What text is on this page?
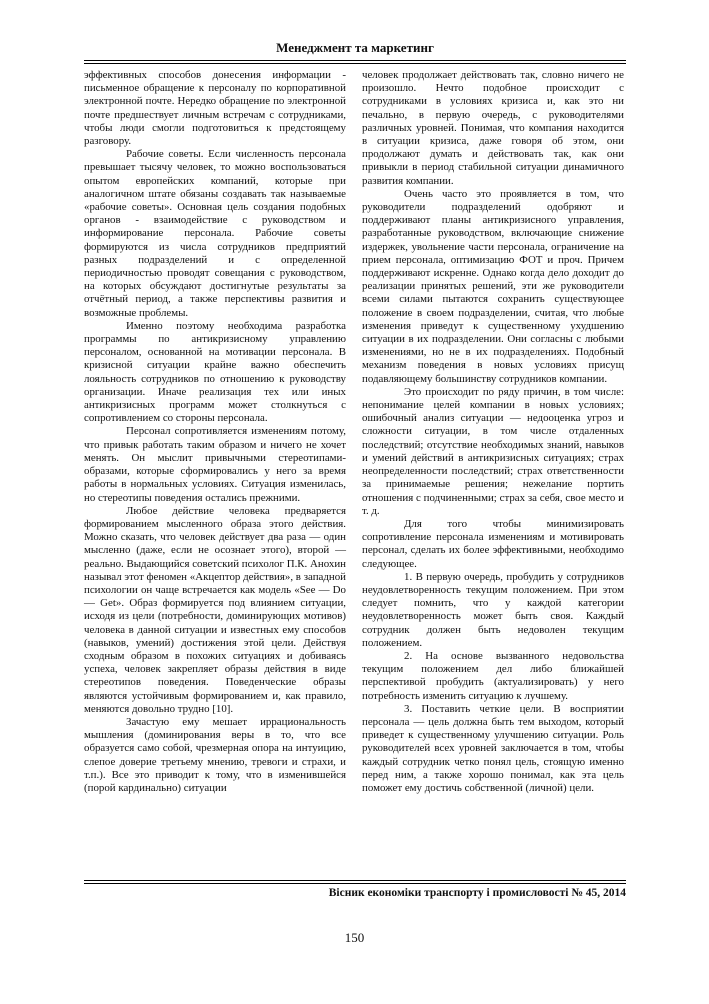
Менеджмент та маркетинг

эффективных способов донесения информации - письменное обращение к персоналу по корпоративной электронной почте. Нередко обращение по электронной почте предшествует личным встречам с сотрудниками, чтобы люди смогли подготовиться к предстоящему разговору.

Рабочие советы. Если численность персонала превышает тысячу человек, то можно воспользоваться опытом европейских компаний, которые при аналогичном штате обязаны создавать так называемые «рабочие советы». Основная цель создания подобных органов - взаимодействие с руководством и информирование персонала. Рабочие советы формируются из числа сотрудников предприятий разных подразделений и с определенной периодичностью проводят совещания с руководством, на которых обсуждают достигнутые результаты за отчётный период, а также перспективы развития и возможные проблемы.

Именно поэтому необходима разработка программы по антикризисному управлению персоналом, основанной на мотивации персонала. В кризисной ситуации крайне важно обеспечить лояльность сотрудников по отношению к руководству организации. Иначе реализация тех или иных антикризисных программ может столкнуться с сопротивлением со стороны персонала.

Персонал сопротивляется изменениям потому, что привык работать таким образом и ничего не хочет менять. Он мыслит привычными стереотипами-образами, которые сформировались у него за время работы в нормальных условиях. Ситуация изменилась, но стереотипы поведения остались прежними.

Любое действие человека предваряется формированием мысленного образа этого действия. Можно сказать, что человек действует два раза — один мысленно (даже, если не осознает этого), второй — реально. Выдающийся советский психолог П.К. Анохин называл этот феномен «Акцептор действия», в западной психологии он чаще встречается как модель «See — Do — Get». Образ формируется под влиянием ситуации, исходя из цели (потребности, доминирующих мотивов) человека в данной ситуации и известных ему способов (навыков, умений) достижения этой цели. Действуя сходным образом в похожих ситуациях и добиваясь успеха, человек закрепляет образы действия в виде стереотипов поведения. Поведенческие образы являются устойчивым формированием и, как правило, меняются довольно трудно [10].

Зачастую ему мешает иррациональность мышления (доминирования веры в то, что все образуется само собой, чрезмерная опора на интуицию, слепое доверие третьему мнению, тревоги и страхи, и т.п.). Все это приводит к тому, что в изменившейся (порой кардинально) ситуации

человек продолжает действовать так, словно ничего не произошло. Нечто подобное происходит с сотрудниками в условиях кризиса и, как это ни печально, в первую очередь, с руководителями различных уровней. Понимая, что компания находится в ситуации кризиса, даже говоря об этом, они продолжают думать и действовать так, как они привыкли в период стабильной ситуации динамичного развития компании.

Очень часто это проявляется в том, что руководители подразделений одобряют и поддерживают планы антикризисного управления, разработанные руководством, включающие снижение издержек, увольнение части персонала, ограничение на прием персонала, оптимизацию ФОТ и проч. Причем поддерживают искренне. Однако когда дело доходит до реализации принятых решений, эти же руководители всеми силами пытаются сохранить существующее положение в своем подразделении, считая, что любые изменения приведут к существенному ухудшению ситуации в их подразделении. Они согласны с любыми изменениями, но не в их подразделениях. Подобный механизм поведения в новых условиях присущ подавляющему большинству сотрудников компании.

Это происходит по ряду причин, в том числе: непонимание целей компании в новых условиях; ошибочный анализ ситуации — недооценка угроз и сложности ситуации, в том числе отдаленных последствий; отсутствие необходимых знаний, навыков и умений действий в антикризисных ситуациях; страх неопределенности последствий; страх ответственности за принимаемые решения; нежелание портить отношения с подчиненными; страх за себя, свое место и т. д.

Для того чтобы минимизировать сопротивление персонала изменениям и мотивировать персонал, сделать их более эффективными, необходимо следующее.

1. В первую очередь, пробудить у сотрудников неудовлетворенность текущим положением. При этом следует помнить, что у каждой категории неудовлетворенность может быть своя. Каждый сотрудник должен быть недоволен текущим положением.

2. На основе вызванного недовольства текущим положением дел либо ближайшей перспективой пробудить (актуализировать) у него потребность изменить ситуацию к лучшему.

3. Поставить четкие цели. В восприятии персонала — цель должна быть тем выходом, который приведет к существенному улучшению ситуации. Роль руководителей всех уровней заключается в том, чтобы каждый сотрудник четко понял цель, стоящую именно перед ним, а также хорошо понимал, как эта цель поможет ему достичь собственной (личной) цели.

Вісник економіки транспорту і промисловості № 45, 2014
150
